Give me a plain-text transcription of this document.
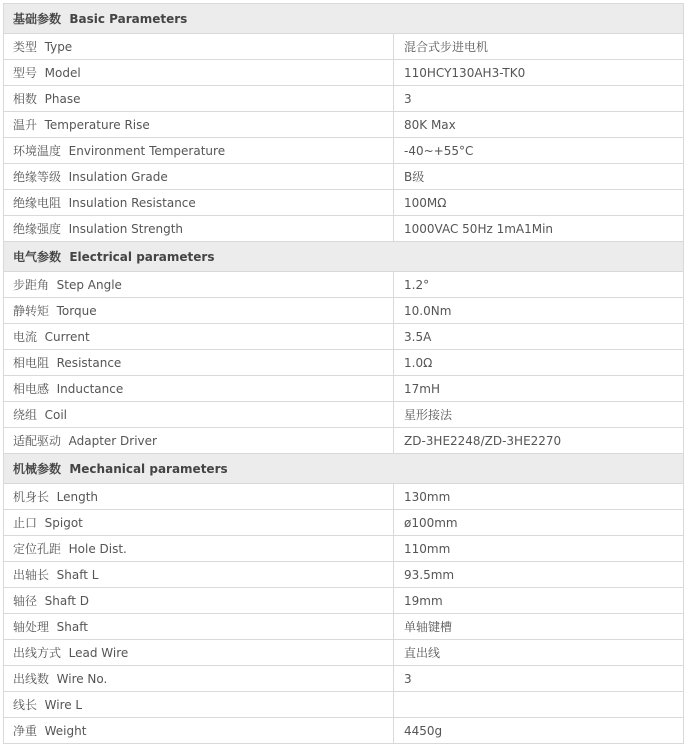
基础参数  Basic Parameters	
类型  Type	混合式步进电机
型号  Model	110HCY130AH3-TK0
相数  Phase	3
温升  Temperature Rise	80K Max
环境温度  Environment Temperature	-40~+55°C
绝缘等级  Insulation Grade	B级
绝缘电阻  Insulation Resistance	100MΩ
绝缘强度  Insulation Strength	1000VAC 50Hz 1mA1Min
电气参数  Electrical parameters	
步距角  Step Angle	1.2°
静转矩  Torque	10.0Nm
电流  Current	3.5A
相电阻  Resistance	1.0Ω
相电感  Inductance	17mH
绕组  Coil	星形接法
适配驱动  Adapter Driver	ZD-3HE2248/ZD-3HE2270
机械参数  Mechanical parameters	
机身长  Length	130mm
止口  Spigot	ø100mm
定位孔距  Hole Dist.	110mm
出轴长  Shaft L	93.5mm
轴径  Shaft D	19mm
轴处理  Shaft	单轴键槽
出线方式  Lead Wire	直出线
出线数  Wire No.	3
线长  Wire L	
净重  Weight	4450g
